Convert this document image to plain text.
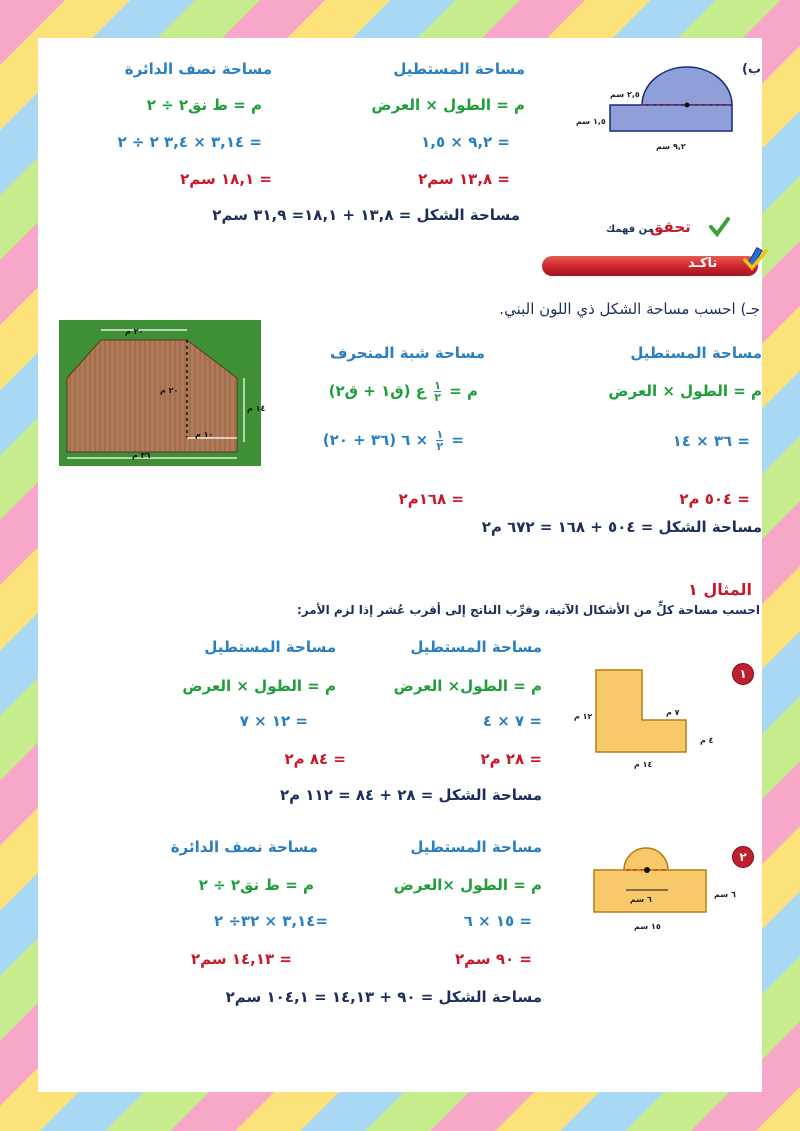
ب)
٢,٥ سم
١,٥ سم
٩,٢ سم
مساحة المستطيل
م = الطول × العرض
= ٩,٢ × ١,٥
= ١٣,٨ سم٢
مساحة نصف الدائرة
م = ط نق٢ ÷ ٢
= ٣,١٤ × ٣,٤ ٢ ÷ ٢
= ١٨,١ سم٢
مساحة الشكل = ١٣,٨ + ١٨,١= ٣١,٩ سم٢
تحقق
من فهمك
تاكـد
جـ) احسب مساحة الشكل ذي اللون البني.
٢٠ م
٢٠ م
١٤ م
١٠ م
٣٦ م
مساحة المستطيل
م = الطول × العرض
= ٣٦ × ١٤
= ٥٠٤ م٢
مساحة شبة المنحرف
م =
$\frac{١}{٢}$
ع (ق١ + ق٢)
=
$\frac{١}{٢}$
× ٦ (٣٦ + ٢٠)
= ١٦٨م٢
مساحة الشكل = ٥٠٤ + ١٦٨ = ٦٧٢ م٢
المثال ١
احسب مساحة كلٍّ من الأشكال الآتية، وقرِّب الناتج إلى أقرب عُشر إذا لزم الأمر:
١
١٢ م	٧ م
٤ م
١٤ م
مساحة المستطيل
م = الطول× العرض
= ٧ × ٤
= ٢٨ م٢
مساحة المستطيل
م = الطول × العرض
= ١٢ × ٧
= ٨٤ م٢
مساحة الشكل = ٢٨ + ٨٤ = ١١٢ م٢
٢
٦ سم
٦ سم
١٥ سم
مساحة المستطيل
م = الطول ×العرض
= ١٥ × ٦
= ٩٠ سم٢
مساحة نصف الدائرة
م = ط نق٢ ÷ ٢
=٣,١٤ × ٣٢÷ ٢
= ١٤,١٣ سم٢
مساحة الشكل = ٩٠ + ١٤,١٣ = ١٠٤,١ سم٢
